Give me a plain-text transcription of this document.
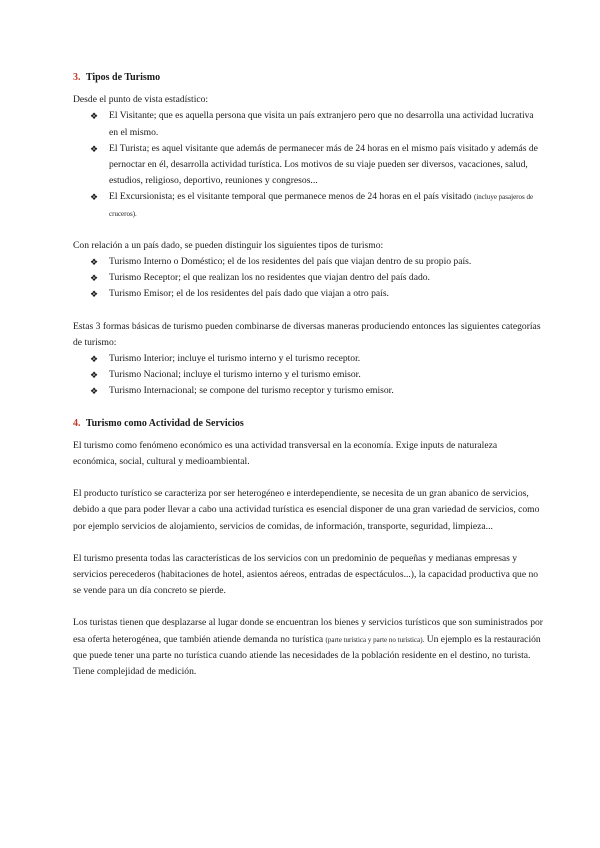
3. Tipos de Turismo

Desde el punto de vista estadístico:

❖ El Visitante; que es aquella persona que visita un país extranjero pero que no desarrolla una actividad lucrativa en el mismo.
❖ El Turista; es aquel visitante que además de permanecer más de 24 horas en el mismo país visitado y además de pernoctar en él, desarrolla actividad turística. Los motivos de su viaje pueden ser diversos, vacaciones, salud, estudios, religioso, deportivo, reuniones y congresos...
❖ El Excursionista; es el visitante temporal que permanece menos de 24 horas en el país visitado (incluye pasajeros de cruceros).

Con relación a un país dado, se pueden distinguir los siguientes tipos de turismo:

❖ Turismo Interno o Doméstico; el de los residentes del país que viajan dentro de su propio país.
❖ Turismo Receptor; el que realizan los no residentes que viajan dentro del país dado.
❖ Turismo Emisor; el de los residentes del país dado que viajan a otro país.

Estas 3 formas básicas de turismo pueden combinarse de diversas maneras produciendo entonces las siguientes categorías de turismo:

❖ Turismo Interior; incluye el turismo interno y el turismo receptor.
❖ Turismo Nacional; incluye el turismo interno y el turismo emisor.
❖ Turismo Internacional; se compone del turismo receptor y turismo emisor.

4. Turismo como Actividad de Servicios

El turismo como fenómeno económico es una actividad transversal en la economía. Exige inputs de naturaleza económica, social, cultural y medioambiental.

El producto turístico se caracteriza por ser heterogéneo e interdependiente, se necesita de un gran abanico de servicios, debido a que para poder llevar a cabo una actividad turística es esencial disponer de una gran variedad de servicios, como por ejemplo servicios de alojamiento, servicios de comidas, de información, transporte, seguridad, limpieza...

El turismo presenta todas las características de los servicios con un predominio de pequeñas y medianas empresas y servicios perecederos (habitaciones de hotel, asientos aéreos, entradas de espectáculos...), la capacidad productiva que no se vende para un día concreto se pierde.

Los turistas tienen que desplazarse al lugar donde se encuentran los bienes y servicios turísticos que son suministrados por esa oferta heterogénea, que también atiende demanda no turística (parte turística y parte no turística). Un ejemplo es la restauración que puede tener una parte no turística cuando atiende las necesidades de la población residente en el destino, no turista. Tiene complejidad de medición.
